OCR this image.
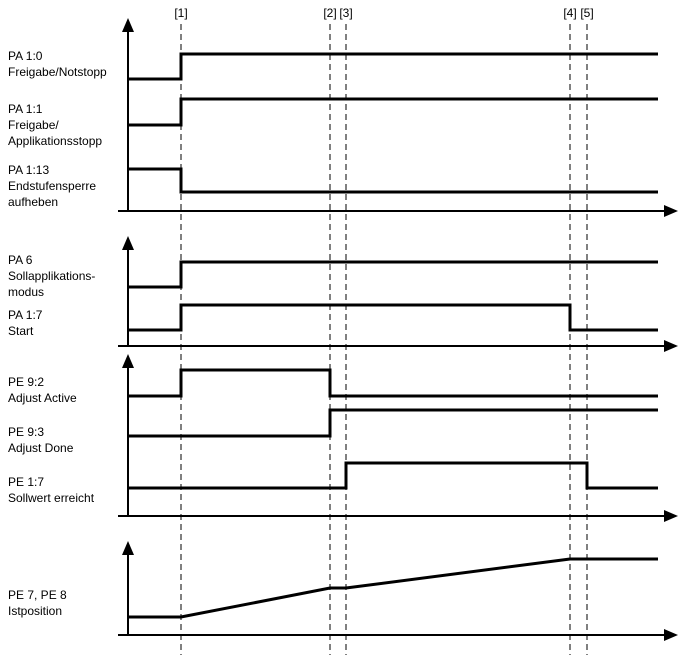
[1]	[2] [3]	[4] [5]
PA 1:0 Freigabe/Notstopp
PA 1:1 Freigabe/ Applikationsstopp
PA 1:13 Endstufensperre aufheben
PA 6 Sollapplikations- modus
PA 1:7 Start
PE 9:2 Adjust Active
PE 9:3 Adjust Done
PE 1:7 Sollwert erreicht
PE 7, PE 8 Istposition
